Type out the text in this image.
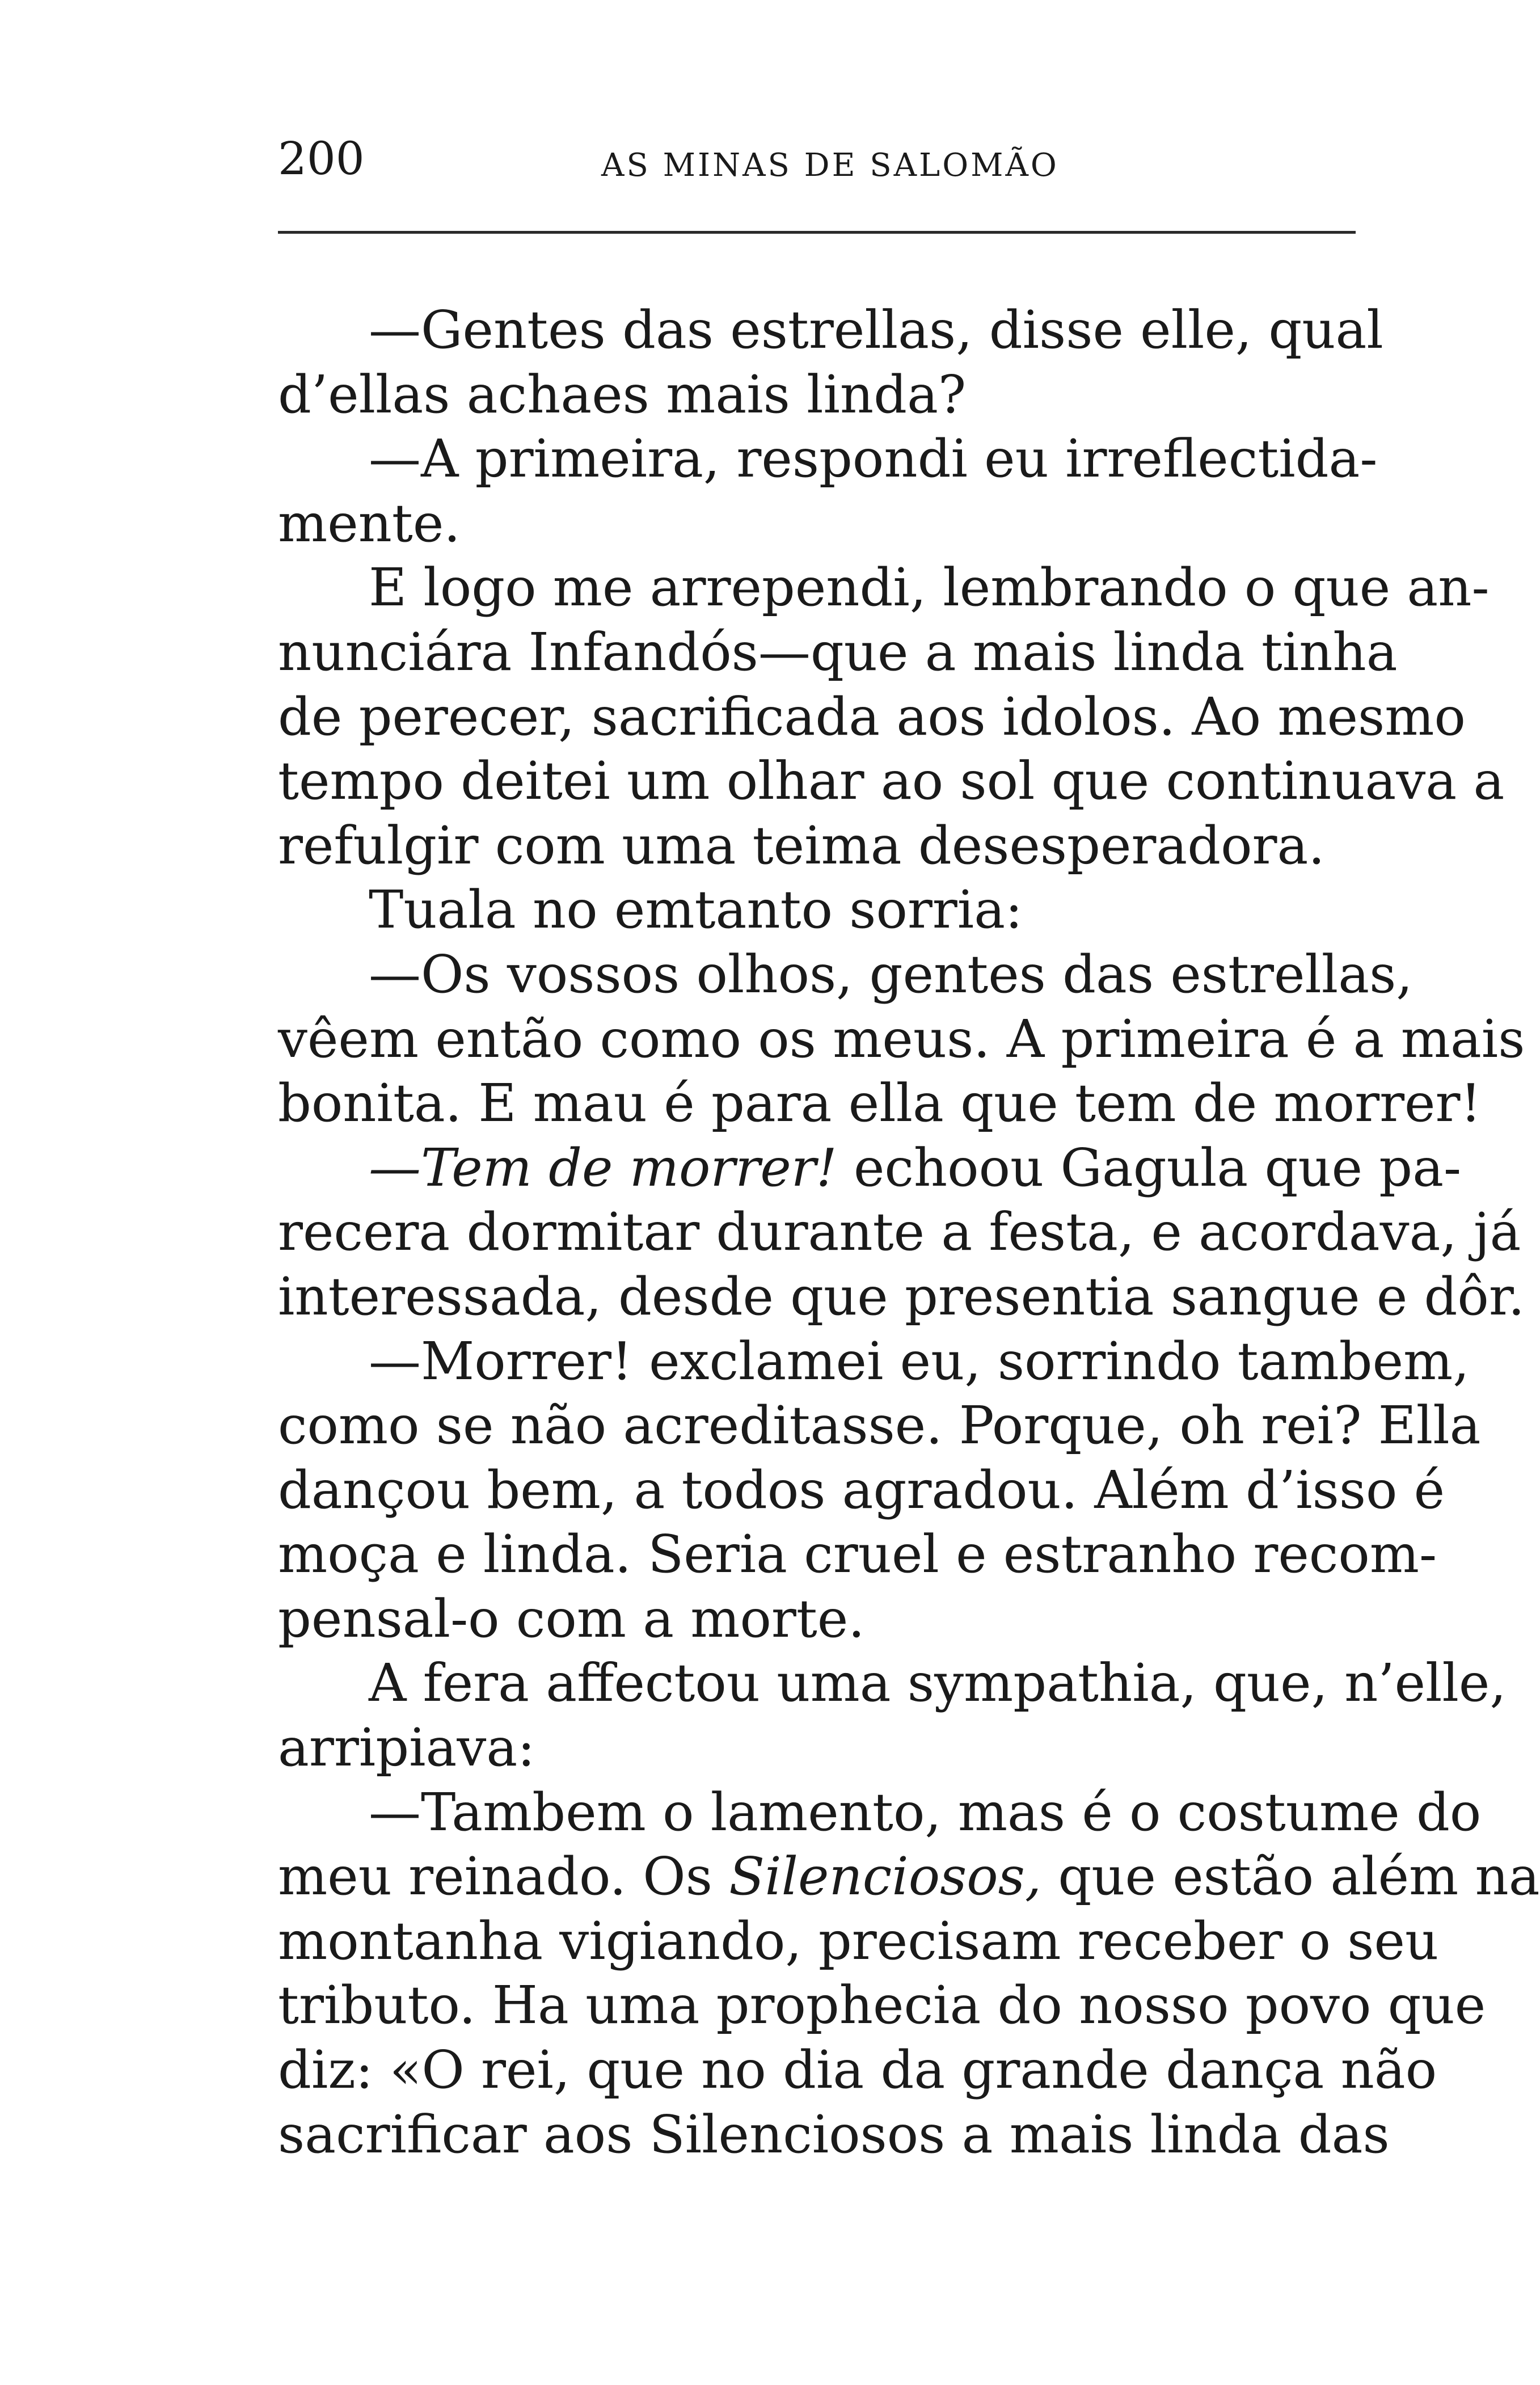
200	AS MINAS DE SALOMÃO
—Gentes das estrellas, disse elle, qual
d’ellas achaes mais linda?
—A primeira, respondi eu irreflectida-
mente.
E logo me arrependi, lembrando o que an-
nunciára Infandós—que a mais linda tinha
de perecer, sacrificada aos idolos. Ao mesmo
tempo deitei um olhar ao sol que continuava a
refulgir com uma teima desesperadora.
Tuala no emtanto sorria:
—Os vossos olhos, gentes das estrellas,
vêem então como os meus. A primeira é a mais
bonita. E mau é para ella que tem de morrer!
—Tem de morrer! echoou Gagula que pa-
recera dormitar durante a festa, e acordava, já
interessada, desde que presentia sangue e dôr.
—Morrer! exclamei eu, sorrindo tambem,
como se não acreditasse. Porque, oh rei? Ella
dançou bem, a todos agradou. Além d’isso é
moça e linda. Seria cruel e estranho recom-
pensal-o com a morte.
A fera affectou uma sympathia, que, n’elle,
arripiava:
—Tambem o lamento, mas é o costume do
meu reinado. Os Silenciosos, que estão além na
montanha vigiando, precisam receber o seu
tributo. Ha uma prophecia do nosso povo que
diz: «O rei, que no dia da grande dança não
sacrificar aos Silenciosos a mais linda das
